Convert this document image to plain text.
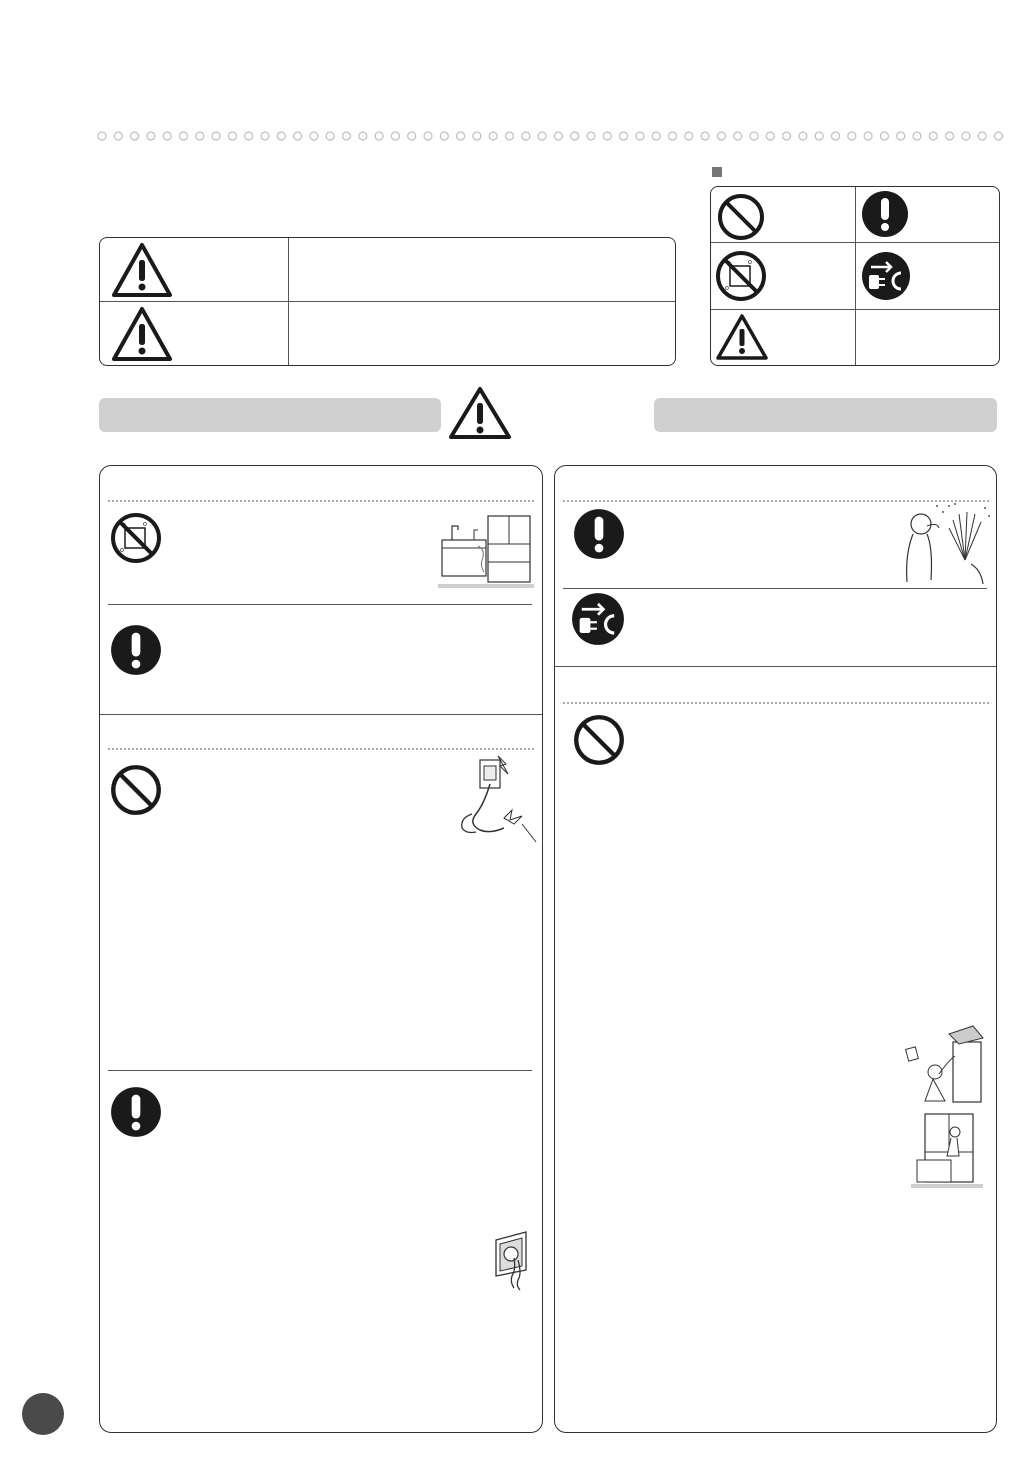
o
o
o
o
